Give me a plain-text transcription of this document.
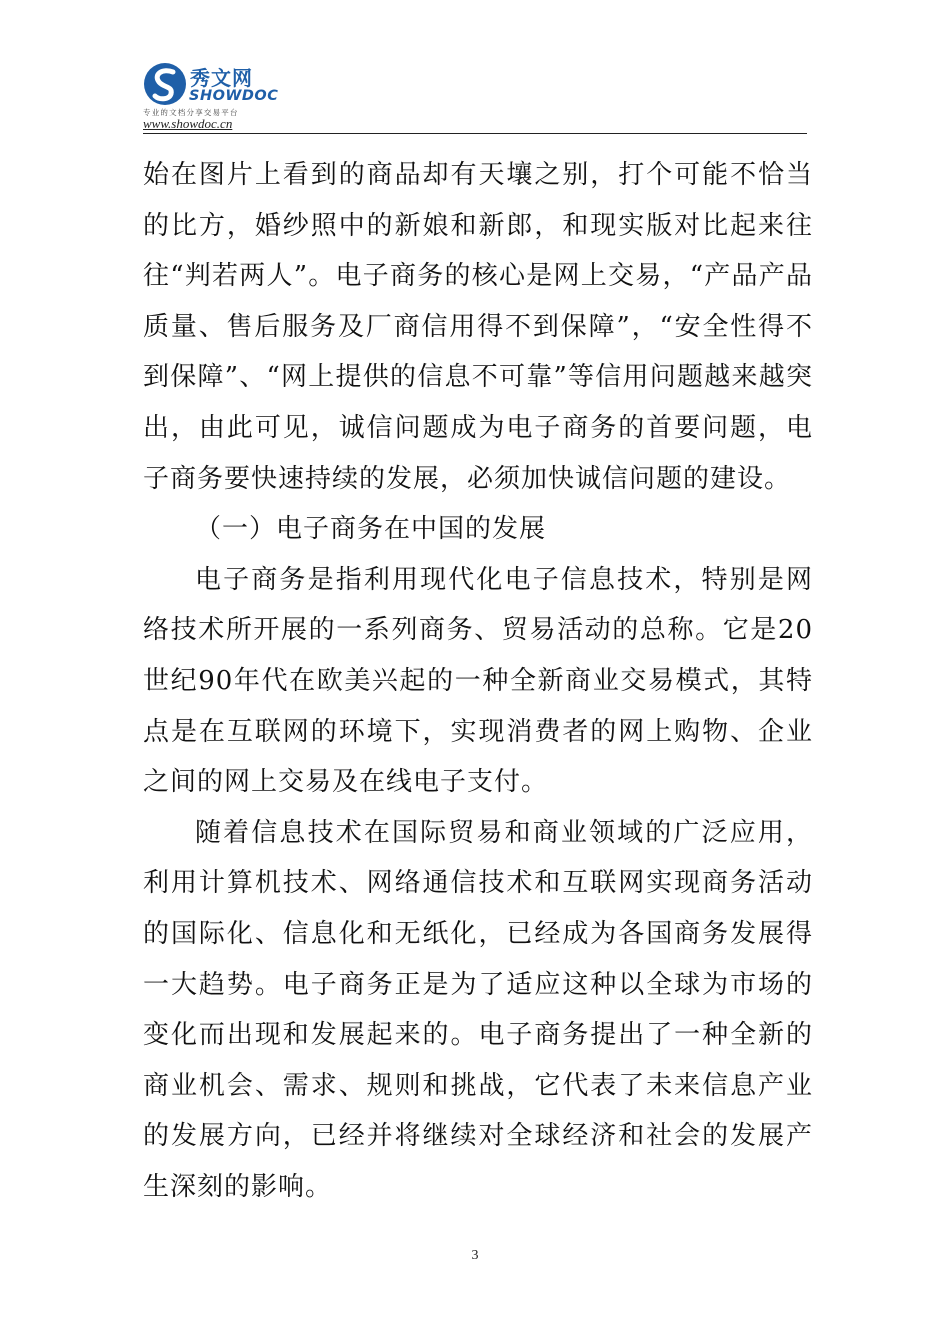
秀文网
SHOWDOC
专业的文档分享交易平台
www.showdoc.cn

始在图片上看到的商品却有天壤之别，打个可能不恰当的比方，婚纱照中的新娘和新郎，和现实版对比起来往往“判若两人”。电子商务的核心是网上交易，“产品产品质量、售后服务及厂商信用得不到保障”，“安全性得不到保障”、“网上提供的信息不可靠”等信用问题越来越突出，由此可见，诚信问题成为电子商务的首要问题，电子商务要快速持续的发展，必须加快诚信问题的建设。

（一）电子商务在中国的发展

电子商务是指利用现代化电子信息技术，特别是网络技术所开展的一系列商务、贸易活动的总称。它是20世纪90年代在欧美兴起的一种全新商业交易模式，其特点是在互联网的环境下，实现消费者的网上购物、企业之间的网上交易及在线电子支付。

随着信息技术在国际贸易和商业领域的广泛应用，利用计算机技术、网络通信技术和互联网实现商务活动的国际化、信息化和无纸化，已经成为各国商务发展得一大趋势。电子商务正是为了适应这种以全球为市场的变化而出现和发展起来的。电子商务提出了一种全新的商业机会、需求、规则和挑战，它代表了未来信息产业的发展方向，已经并将继续对全球经济和社会的发展产生深刻的影响。

3
